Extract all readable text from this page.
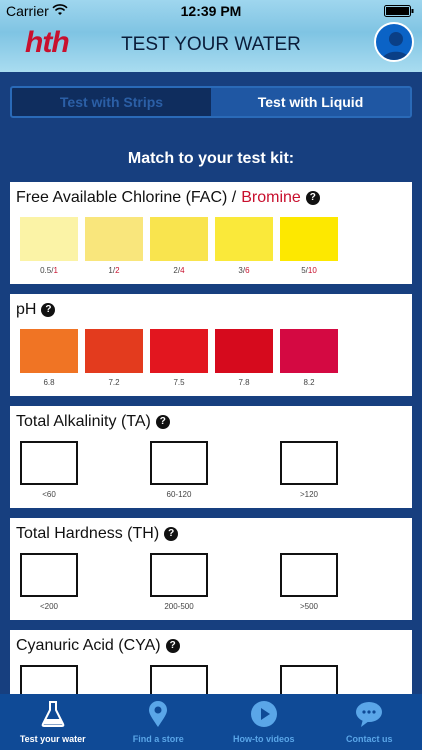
Carrier	12:39 PM
hth	TEST YOUR WATER
Test with Strips	Test with Liquid
Match to your test kit:
Free Available Chlorine (FAC) / Bromine ?
0.5/1	1/2	2/4	3/6	5/10
pH ?
6.8	7.2	7.5	7.8	8.2
Total Alkalinity (TA) ?
<60	60-120	>120
Total Hardness (TH) ?
<200	200-500	>500
Cyanuric Acid (CYA) ?
Test your water	Find a store	How-to videos	Contact us
